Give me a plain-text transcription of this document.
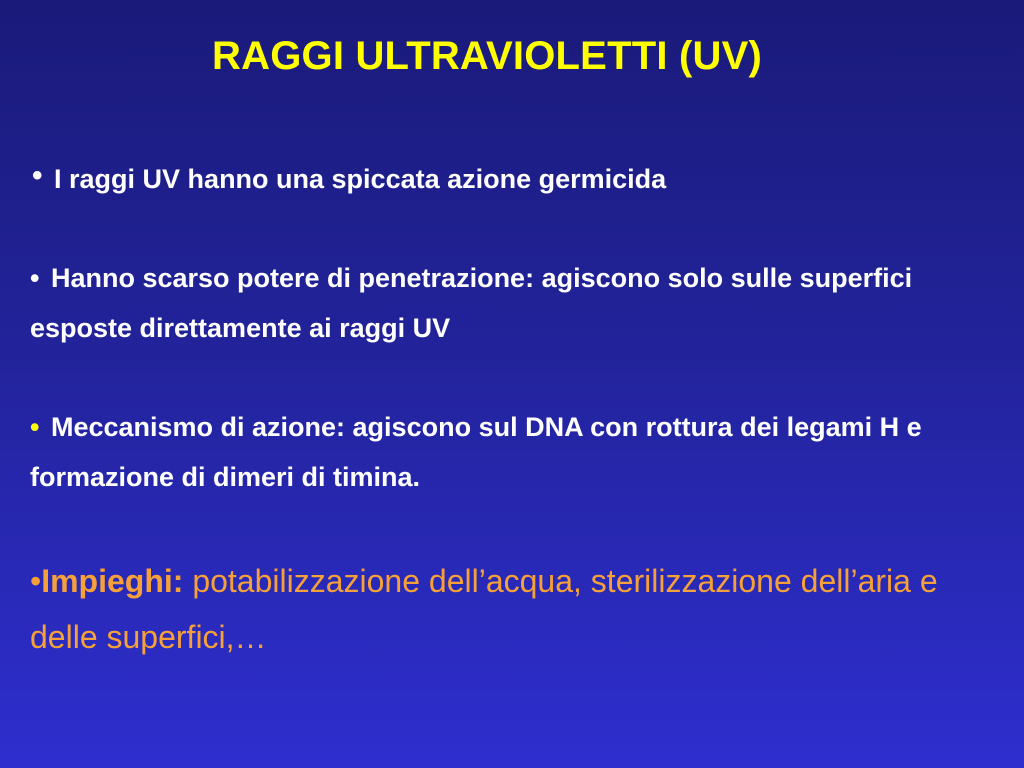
RAGGI ULTRAVIOLETTI (UV)
• I raggi UV hanno una spiccata azione germicida
• Hanno scarso potere di penetrazione: agiscono solo sulle superfici esposte direttamente ai raggi UV
• Meccanismo di azione: agiscono sul DNA con rottura dei legami H e formazione di dimeri di timina.
•Impieghi: potabilizzazione dell’acqua, sterilizzazione dell’aria e delle superfici,…
